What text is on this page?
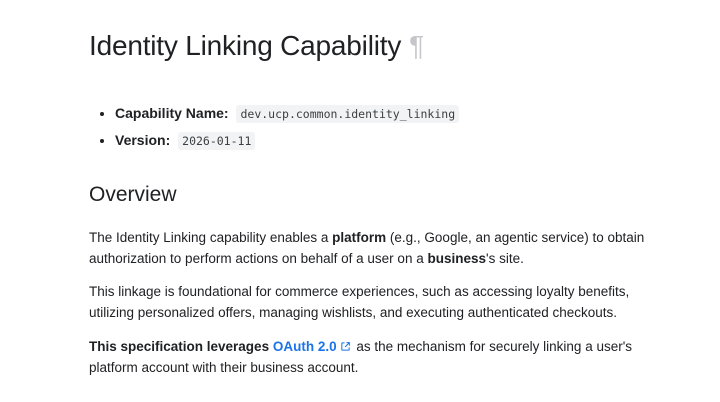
Identity Linking Capability ¶
• Capability Name: dev.ucp.common.identity_linking
• Version: 2026-01-11
Overview

The Identity Linking capability enables a platform (e.g., Google, an agentic service) to obtain authorization to perform actions on behalf of a user on a business's site.

This linkage is foundational for commerce experiences, such as accessing loyalty benefits, utilizing personalized offers, managing wishlists, and executing authenticated checkouts.

This specification leverages OAuth 2.0 as the mechanism for securely linking a user's platform account with their business account.
